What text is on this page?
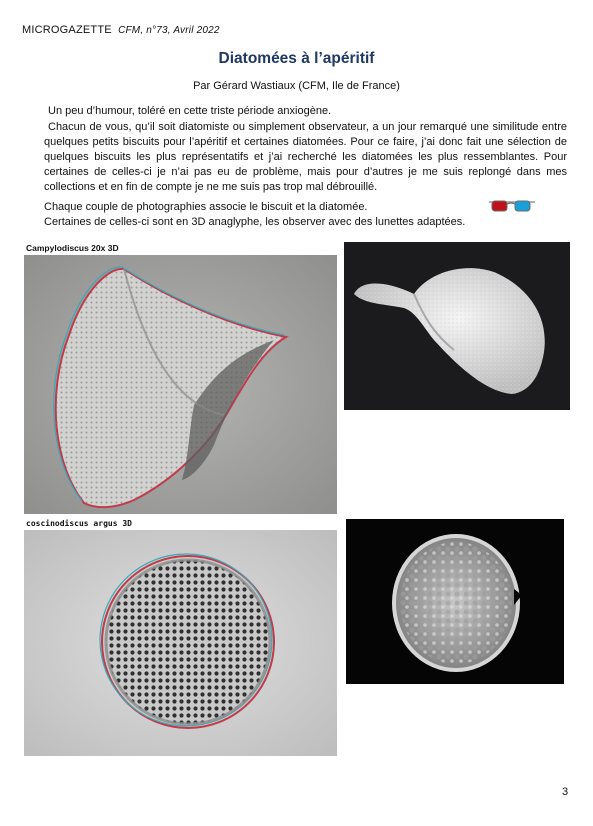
MICROGAZETTE CFM, n°73, Avril 2022
Diatomées à l’apéritif
Par Gérard Wastiaux (CFM, Ile de France)
Un peu d’humour, toléré en cette triste période anxiogène.
Chacun de vous, qu’il soit diatomiste ou simplement observateur, a un jour remarqué une similitude entre quelques petits biscuits pour l’apéritif et certaines diatomées. Pour ce faire, j’ai donc fait une sélection de quelques biscuits les plus représentatifs et j’ai recherché les diatomées les plus ressemblantes. Pour certaines de celles-ci je n’ai pas eu de problème, mais pour d’autres je me suis replongé dans mes collections et en fin de compte je ne me suis pas trop mal débrouillé.
Chaque couple de photographies associe le biscuit et la diatomée.
Certaines de celles-ci sont en 3D anaglyphe, les observer avec des lunettes adaptées.
Campylodiscus 20x 3D
coscinodiscus argus 3D
3
